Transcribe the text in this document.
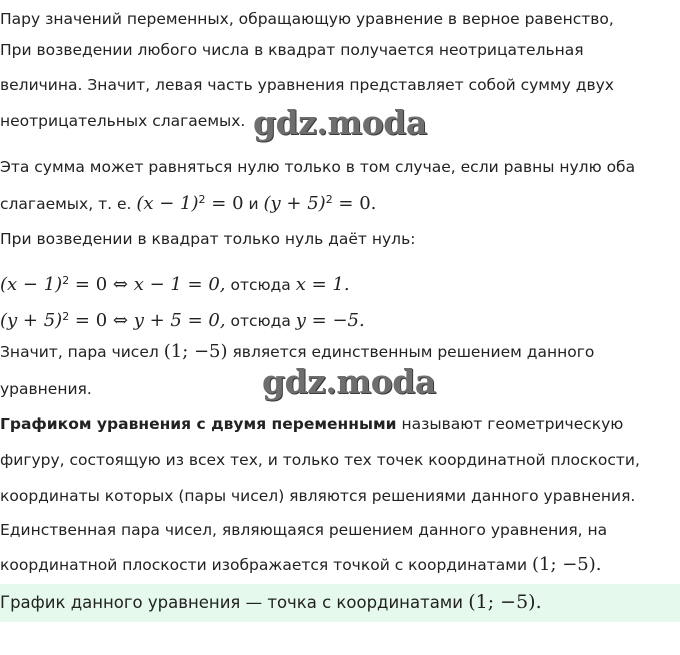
Пару значений переменных, обращающую уравнение в верное равенство,
При возведении любого числа в квадрат получается неотрицательная
величина. Значит, левая часть уравнения представляет собой сумму двух
неотрицательных слагаемых. gdz.moda
Эта сумма может равняться нулю только в том случае, если равны нулю оба
слагаемых, т. е. $(x - 1)^2 = 0$ и $(y + 5)^2 = 0$.
При возведении в квадрат только нуль даёт нуль:
$(x - 1)^2 = 0$ ⇔ x − 1 = 0, отсюда x = 1.
$(y + 5)^2 = 0$ ⇔ y + 5 = 0, отсюда y = −5.
Значит, пара чисел (1; −5) является единственным решением данного
уравнения.	gdz.moda
Графиком уравнения с двумя переменными называют геометрическую
фигуру, состоящую из всех тех, и только тех точек координатной плоскости,
координаты которых (пары чисел) являются решениями данного уравнения.
Единственная пара чисел, являющаяся решением данного уравнения, на
координатной плоскости изображается точкой с координатами (1; −5).
График данного уравнения — точка с координатами (1; −5).
